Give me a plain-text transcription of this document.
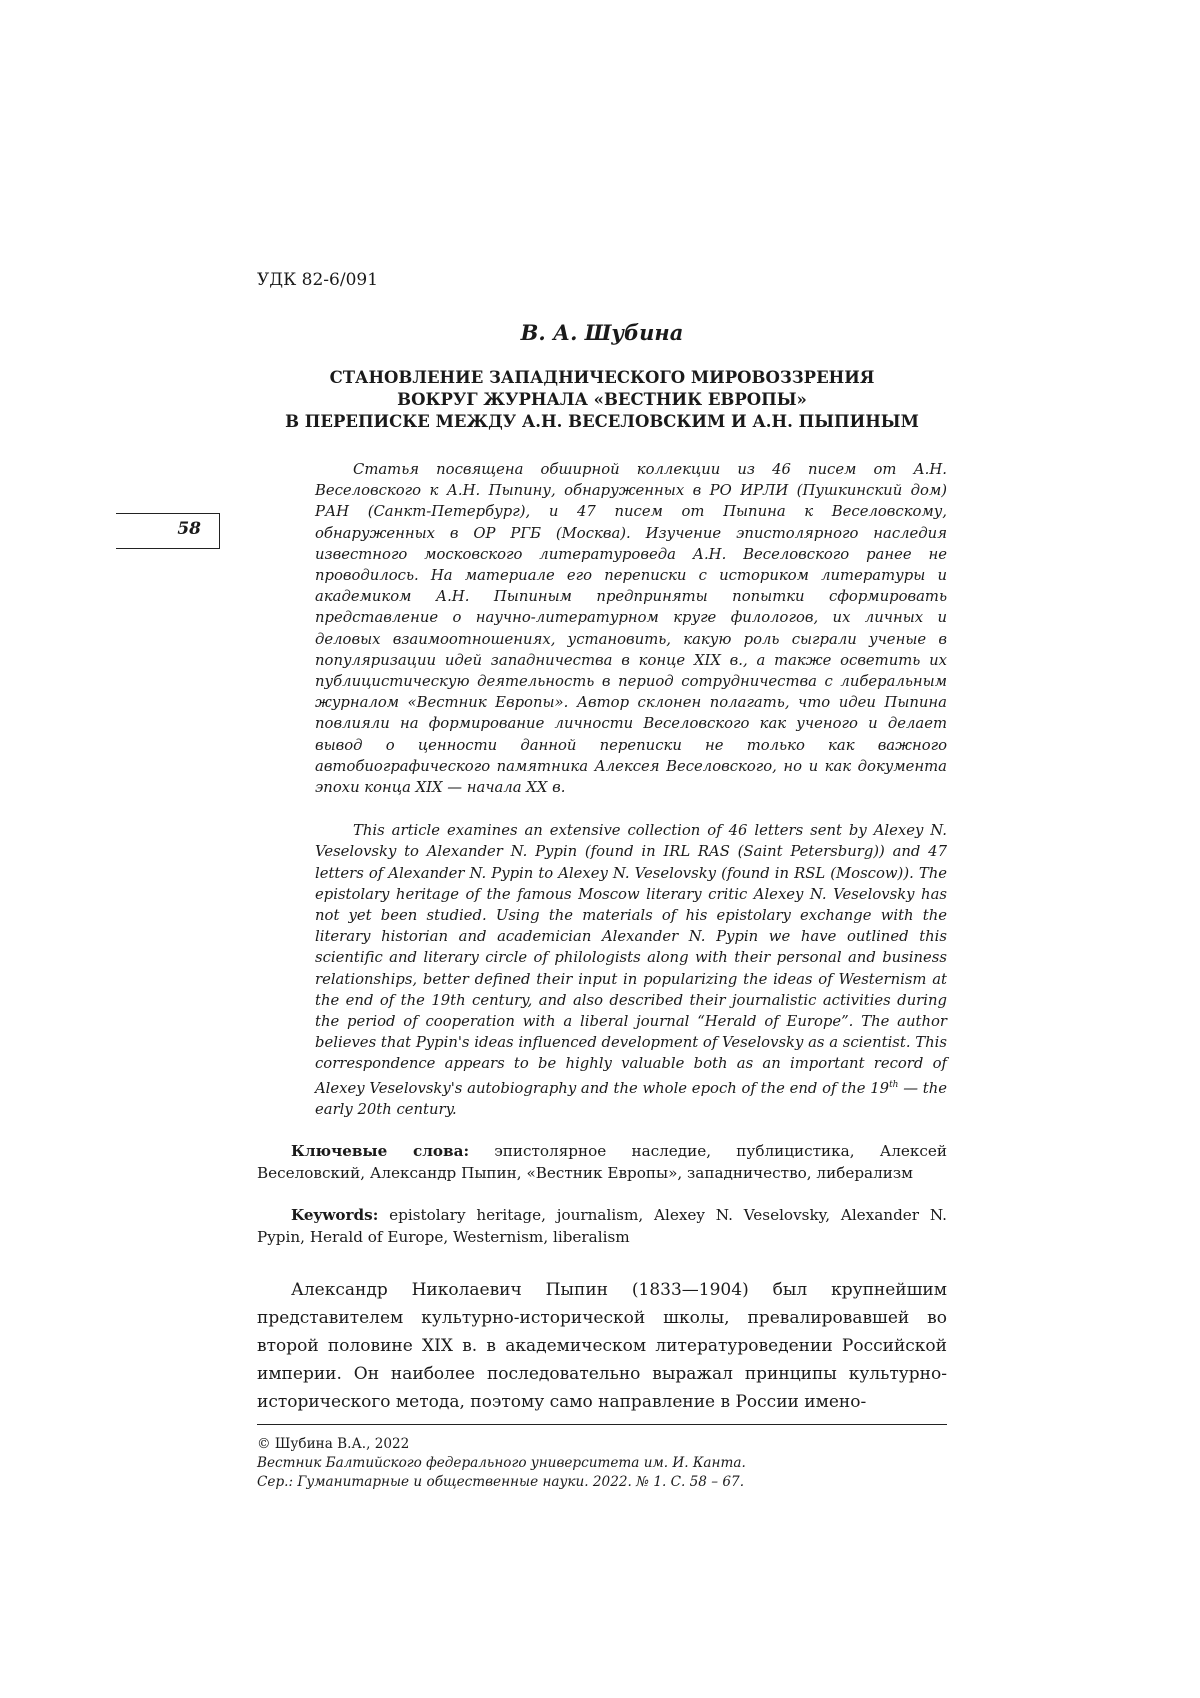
58

УДК 82-6/091

В. А. Шубина

СТАНОВЛЕНИЕ ЗАПАДНИЧЕСКОГО МИРОВОЗЗРЕНИЯ
ВОКРУГ ЖУРНАЛА «ВЕСТНИК ЕВРОПЫ»
В ПЕРЕПИСКЕ МЕЖДУ А.Н. ВЕСЕЛОВСКИМ И А.Н. ПЫПИНЫМ

Статья посвящена обширной коллекции из 46 писем от А.Н. Веселовского к А.Н. Пыпину, обнаруженных в РО ИРЛИ (Пушкинский дом) РАН (Санкт-Петербург), и 47 писем от Пыпина к Веселовскому, обнаруженных в ОР РГБ (Москва). Изучение эпистолярного наследия известного московского литературоведа А.Н. Веселовского ранее не проводилось. На материале его переписки с историком литературы и академиком А.Н. Пыпиным предприняты попытки сформировать представление о научно-литературном круге филологов, их личных и деловых взаимоотношениях, установить, какую роль сыграли ученые в популяризации идей западничества в конце XIX в., а также осветить их публицистическую деятельность в период сотрудничества с либеральным журналом «Вестник Европы». Автор склонен полагать, что идеи Пыпина повлияли на формирование личности Веселовского как ученого и делает вывод о ценности данной переписки не только как важного автобиографического памятника Алексея Веселовского, но и как документа эпохи конца XIX — начала XX в.

This article examines an extensive collection of 46 letters sent by Alexey N. Veselovsky to Alexander N. Pypin (found in IRL RAS (Saint Petersburg)) and 47 letters of Alexander N. Pypin to Alexey N. Veselovsky (found in RSL (Moscow)). The epistolary heritage of the famous Moscow literary critic Alexey N. Veselovsky has not yet been studied. Using the materials of his epistolary exchange with the literary historian and academician Alexander N. Pypin we have outlined this scientific and literary circle of philologists along with their personal and business relationships, better defined their input in popularizing the ideas of Westernism at the end of the 19th century, and also described their journalistic activities during the period of cooperation with a liberal journal “Herald of Europe”. The author believes that Pypin's ideas influenced development of Veselovsky as a scientist. This correspondence appears to be highly valuable both as an important record of Alexey Veselovsky's autobiography and the whole epoch of the end of the 19th — the early 20th century.

Ключевые слова: эпистолярное наследие, публицистика, Алексей Веселовский, Александр Пыпин, «Вестник Европы», западничество, либерализм

Keywords: epistolary heritage, journalism, Alexey N. Veselovsky, Alexander N. Pypin, Herald of Europe, Westernism, liberalism

Александр Николаевич Пыпин (1833—1904) был крупнейшим представителем культурно-исторической школы, превалировавшей во второй половине XIX в. в академическом литературоведении Российской империи. Он наиболее последовательно выражал принципы культурно-исторического метода, поэтому само направление в России имено-

© Шубина В.А., 2022

Вестник Балтийского федерального университета им. И. Канта.

Сер.: Гуманитарные и общественные науки. 2022. № 1. С. 58 – 67.
